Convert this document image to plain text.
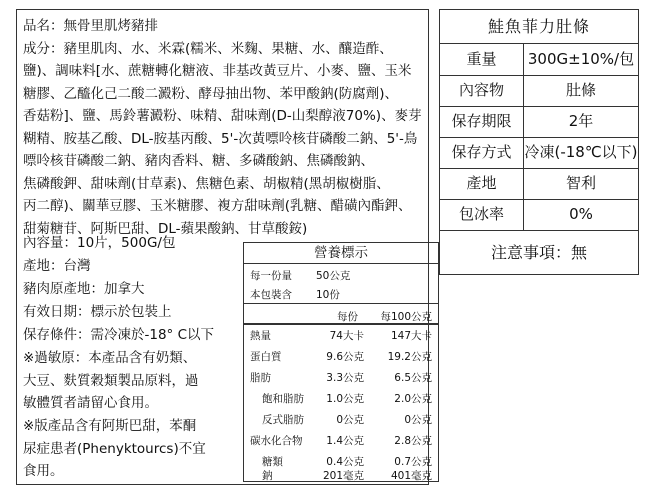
品名：無骨里肌烤豬排
成分：豬里肌肉、水、米霖(糯米、米麴、果糖、水、釀造酢、
鹽)、調味料[水、蔗糖轉化糖液、非基改黃豆片、小麥、鹽、玉米
糖膠、乙醯化己二酸二澱粉、酵母抽出物、苯甲酸鈉(防腐劑)、
香菇粉]、鹽、馬鈴薯澱粉、味精、甜味劑(D-山梨醇液70%)、麥芽
糊精、胺基乙酸、DL-胺基丙酸、5'-次黃嘌呤核苷磷酸二鈉、5'-鳥
嘌呤核苷磷酸二鈉、豬肉香料、糖、多磷酸鈉、焦磷酸鈉、
焦磷酸鉀、甜味劑(甘草素)、焦糖色素、胡椒精(黑胡椒樹脂、
丙二醇)、關華豆膠、玉米糖膠、複方甜味劑(乳糖、醋磺內酯鉀、
甜菊糖苷、阿斯巴甜、DL-蘋果酸鈉、甘草酸銨)
內容量：10片，500G/包
產地：台灣
豬肉原產地：加拿大
有效日期：標示於包裝上
保存條件：需冷凍於-18° C以下
※過敏原：本產品含有奶類、
大豆、麩質穀類製品原料，過
敏體質者請留心食用。
※版產品含有阿斯巴甜，苯酮
尿症患者(Phenyktourcs)不宜
食用。
營養標示
每一份量 50公克
本包裝含 10份
每份 每100公克
熱量	74大卡	147大卡
蛋白質	9.6公克 19.2公克
脂肪	3.3公克	6.5公克
飽和脂肪 1.0公克	2.0公克
反式脂肪	0公克	0公克
碳水化合物 1.4公克	2.8公克
糖類	0.4公克	0.7公克
鈉	201毫克	401毫克
鮭魚菲力肚條
重量	300G±10%/包
內容物	肚條
保存期限	2年
保存方式 冷凍(-18℃以下)
產地	智利
包冰率	0%
注意事項：無
